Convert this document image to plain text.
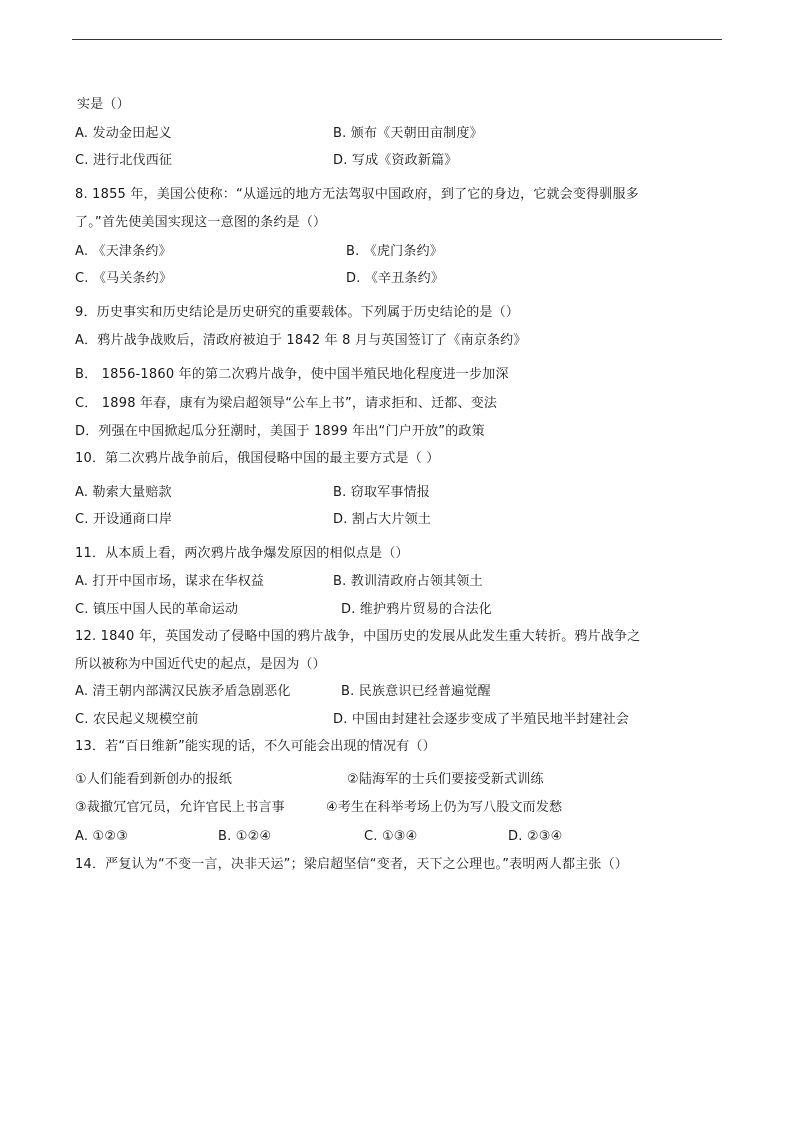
实是（）
A. 发动金田起义	B. 颁布《天朝田亩制度》
C. 进行北伐西征	D. 写成《资政新篇》
8. 1855 年，美国公使称：“从遥远的地方无法驾驭中国政府，到了它的身边，它就会变得驯服多
了。”首先使美国实现这一意图的条约是（）
A. 《天津条约》	B. 《虎门条约》
C. 《马关条约》	D. 《辛丑条约》
9．历史事实和历史结论是历史研究的重要载体。下列属于历史结论的是（）
A．鸦片战争战败后，清政府被迫于 1842 年 8 月与英国签订了《南京条约》
B． 1856-1860 年的第二次鸦片战争，使中国半殖民地化程度进一步加深
C． 1898 年春，康有为梁启超领导“公车上书”，请求拒和、迁都、变法
D．列强在中国掀起瓜分狂潮时，美国于 1899 年出“门户开放”的政策
10．第二次鸦片战争前后，俄国侵略中国的最主要方式是（ ）
A. 勒索大量赔款	B. 窃取军事情报
C. 开设通商口岸	D. 割占大片领土
11．从本质上看，两次鸦片战争爆发原因的相似点是（）
A. 打开中国市场，谋求在华权益	B. 教训清政府占领其领土
C. 镇压中国人民的革命运动	D. 维护鸦片贸易的合法化
12. 1840 年，英国发动了侵略中国的鸦片战争，中国历史的发展从此发生重大转折。鸦片战争之
所以被称为中国近代史的起点，是因为（）
A. 清王朝内部满汉民族矛盾急剧恶化	B. 民族意识已经普遍觉醒
C. 农民起义规模空前	D. 中国由封建社会逐步变成了半殖民地半封建社会
13．若“百日维新”能实现的话，不久可能会出现的情况有（）
①人们能看到新创办的报纸	②陆海军的士兵们要接受新式训练
③裁撤冗官冗员，允许官民上书言事	④考生在科举考场上仍为写八股文而发愁
A. ①②③	B. ①②④	C. ①③④	D. ②③④
14．严复认为“不变一言，决非天运”；梁启超坚信“变者，天下之公理也。”表明两人都主张（）
